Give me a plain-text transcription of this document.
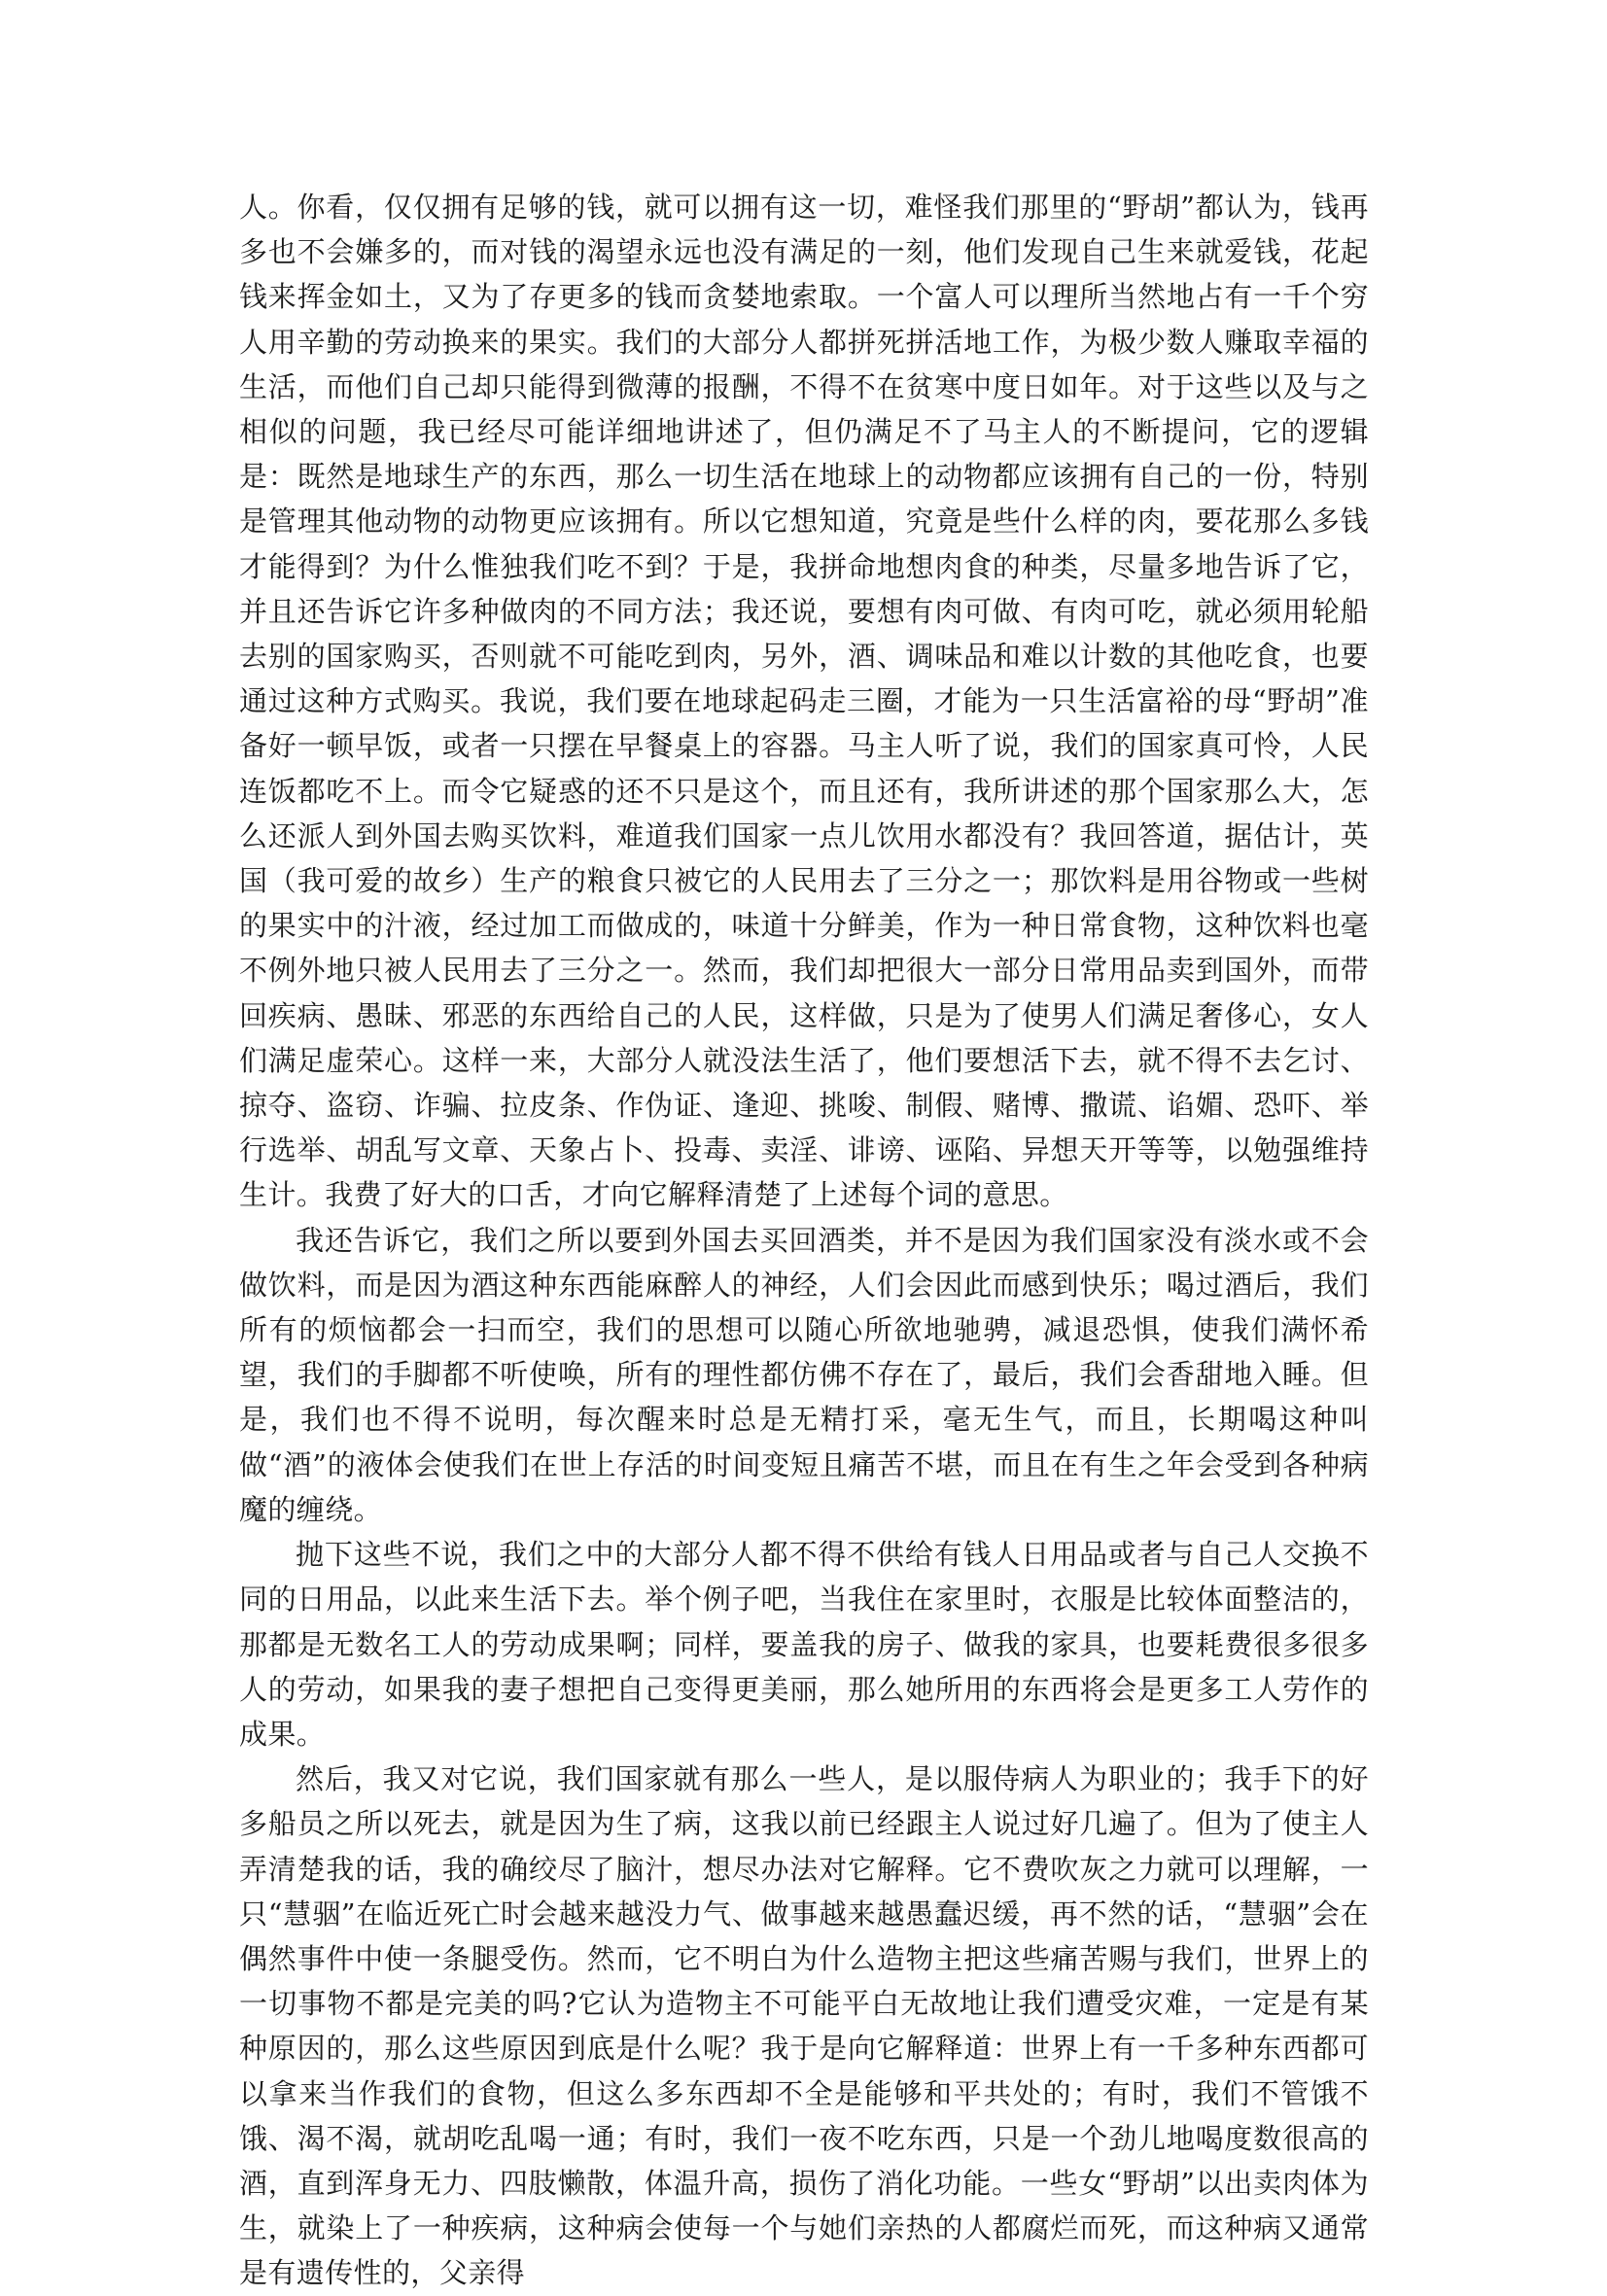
人。你看，仅仅拥有足够的钱，就可以拥有这一切，难怪我们那里的“野胡”都认为，钱再多也不会嫌多的，而对钱的渴望永远也没有满足的一刻，他们发现自己生来就爱钱，花起钱来挥金如土，又为了存更多的钱而贪婪地索取。一个富人可以理所当然地占有一千个穷人用辛勤的劳动换来的果实。我们的大部分人都拼死拼活地工作，为极少数人赚取幸福的生活，而他们自己却只能得到微薄的报酬，不得不在贫寒中度日如年。对于这些以及与之相似的问题，我已经尽可能详细地讲述了，但仍满足不了马主人的不断提问，它的逻辑是：既然是地球生产的东西，那么一切生活在地球上的动物都应该拥有自己的一份，特别是管理其他动物的动物更应该拥有。所以它想知道，究竟是些什么样的肉，要花那么多钱才能得到？为什么惟独我们吃不到？于是，我拼命地想肉食的种类，尽量多地告诉了它，并且还告诉它许多种做肉的不同方法；我还说，要想有肉可做、有肉可吃，就必须用轮船去别的国家购买，否则就不可能吃到肉，另外，酒、调味品和难以计数的其他吃食，也要通过这种方式购买。我说，我们要在地球起码走三圈，才能为一只生活富裕的母“野胡”准备好一顿早饭，或者一只摆在早餐桌上的容器。马主人听了说，我们的国家真可怜，人民连饭都吃不上。而令它疑惑的还不只是这个，而且还有，我所讲述的那个国家那么大，怎么还派人到外国去购买饮料，难道我们国家一点儿饮用水都没有？我回答道，据估计，英国（我可爱的故乡）生产的粮食只被它的人民用去了三分之一；那饮料是用谷物或一些树的果实中的汁液，经过加工而做成的，味道十分鲜美，作为一种日常食物，这种饮料也毫不例外地只被人民用去了三分之一。然而，我们却把很大一部分日常用品卖到国外，而带回疾病、愚昧、邪恶的东西给自己的人民，这样做，只是为了使男人们满足奢侈心，女人们满足虚荣心。这样一来，大部分人就没法生活了，他们要想活下去，就不得不去乞讨、掠夺、盗窃、诈骗、拉皮条、作伪证、逢迎、挑唆、制假、赌博、撒谎、谄媚、恐吓、举行选举、胡乱写文章、天象占卜、投毒、卖淫、诽谤、诬陷、异想天开等等，以勉强维持生计。我费了好大的口舌，才向它解释清楚了上述每个词的意思。

我还告诉它，我们之所以要到外国去买回酒类，并不是因为我们国家没有淡水或不会做饮料，而是因为酒这种东西能麻醉人的神经，人们会因此而感到快乐；喝过酒后，我们所有的烦恼都会一扫而空，我们的思想可以随心所欲地驰骋，减退恐惧，使我们满怀希望，我们的手脚都不听使唤，所有的理性都仿佛不存在了，最后，我们会香甜地入睡。但是，我们也不得不说明，每次醒来时总是无精打采，毫无生气，而且，长期喝这种叫做“酒”的液体会使我们在世上存活的时间变短且痛苦不堪，而且在有生之年会受到各种病魔的缠绕。

抛下这些不说，我们之中的大部分人都不得不供给有钱人日用品或者与自己人交换不同的日用品，以此来生活下去。举个例子吧，当我住在家里时，衣服是比较体面整洁的，那都是无数名工人的劳动成果啊；同样，要盖我的房子、做我的家具，也要耗费很多很多人的劳动，如果我的妻子想把自己变得更美丽，那么她所用的东西将会是更多工人劳作的成果。

然后，我又对它说，我们国家就有那么一些人，是以服侍病人为职业的；我手下的好多船员之所以死去，就是因为生了病，这我以前已经跟主人说过好几遍了。但为了使主人弄清楚我的话，我的确绞尽了脑汁，想尽办法对它解释。它不费吹灰之力就可以理解，一只“慧骃”在临近死亡时会越来越没力气、做事越来越愚蠢迟缓，再不然的话，“慧骃”会在偶然事件中使一条腿受伤。然而，它不明白为什么造物主把这些痛苦赐与我们，世界上的一切事物不都是完美的吗?它认为造物主不可能平白无故地让我们遭受灾难，一定是有某种原因的，那么这些原因到底是什么呢？我于是向它解释道：世界上有一千多种东西都可以拿来当作我们的食物，但这么多东西却不全是能够和平共处的；有时，我们不管饿不饿、渴不渴，就胡吃乱喝一通；有时，我们一夜不吃东西，只是一个劲儿地喝度数很高的酒，直到浑身无力、四肢懒散，体温升高，损伤了消化功能。一些女“野胡”以出卖肉体为生，就染上了一种疾病，这种病会使每一个与她们亲热的人都腐烂而死，而这种病又通常是有遗传性的，父亲得
